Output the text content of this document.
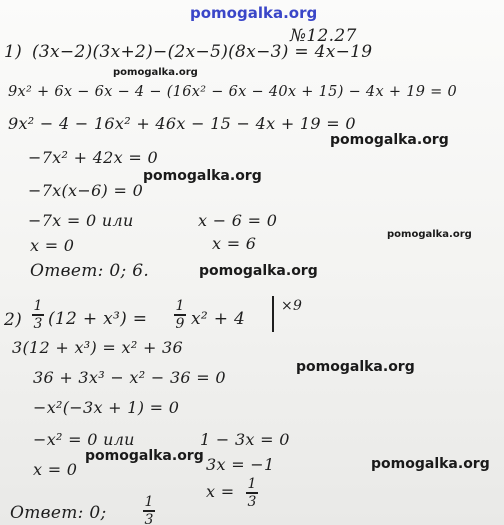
pomogalka.org
pomogalka.org
pomogalka.org
pomogalka.org
pomogalka.org
pomogalka.org
pomogalka.org
pomogalka.org	pomogalka.org
№12.27
1) (3x−2)(3x+2)−(2x−5)(8x−3) = 4x−19
9x² + 6x − 6x − 4 − (16x² − 6x − 40x + 15) − 4x + 19 = 0
9x² − 4 − 16x² + 46x − 15 − 4x + 19 = 0
−7x² + 42x = 0
−7x(x−6) = 0
−7x = 0 или	x − 6 = 0
x = 0	x = 6
Ответ: 0; 6.
2)
1
3 (12 + x³) =
1
9 x² + 4
×9
3(12 + x³) = x² + 36
36 + 3x³ − x² − 36 = 0
−x²(−3x + 1) = 0
−x² = 0 или	1 − 3x = 0
x = 0	3x = −1
x = 1
3
Ответ: 0;
1
3
